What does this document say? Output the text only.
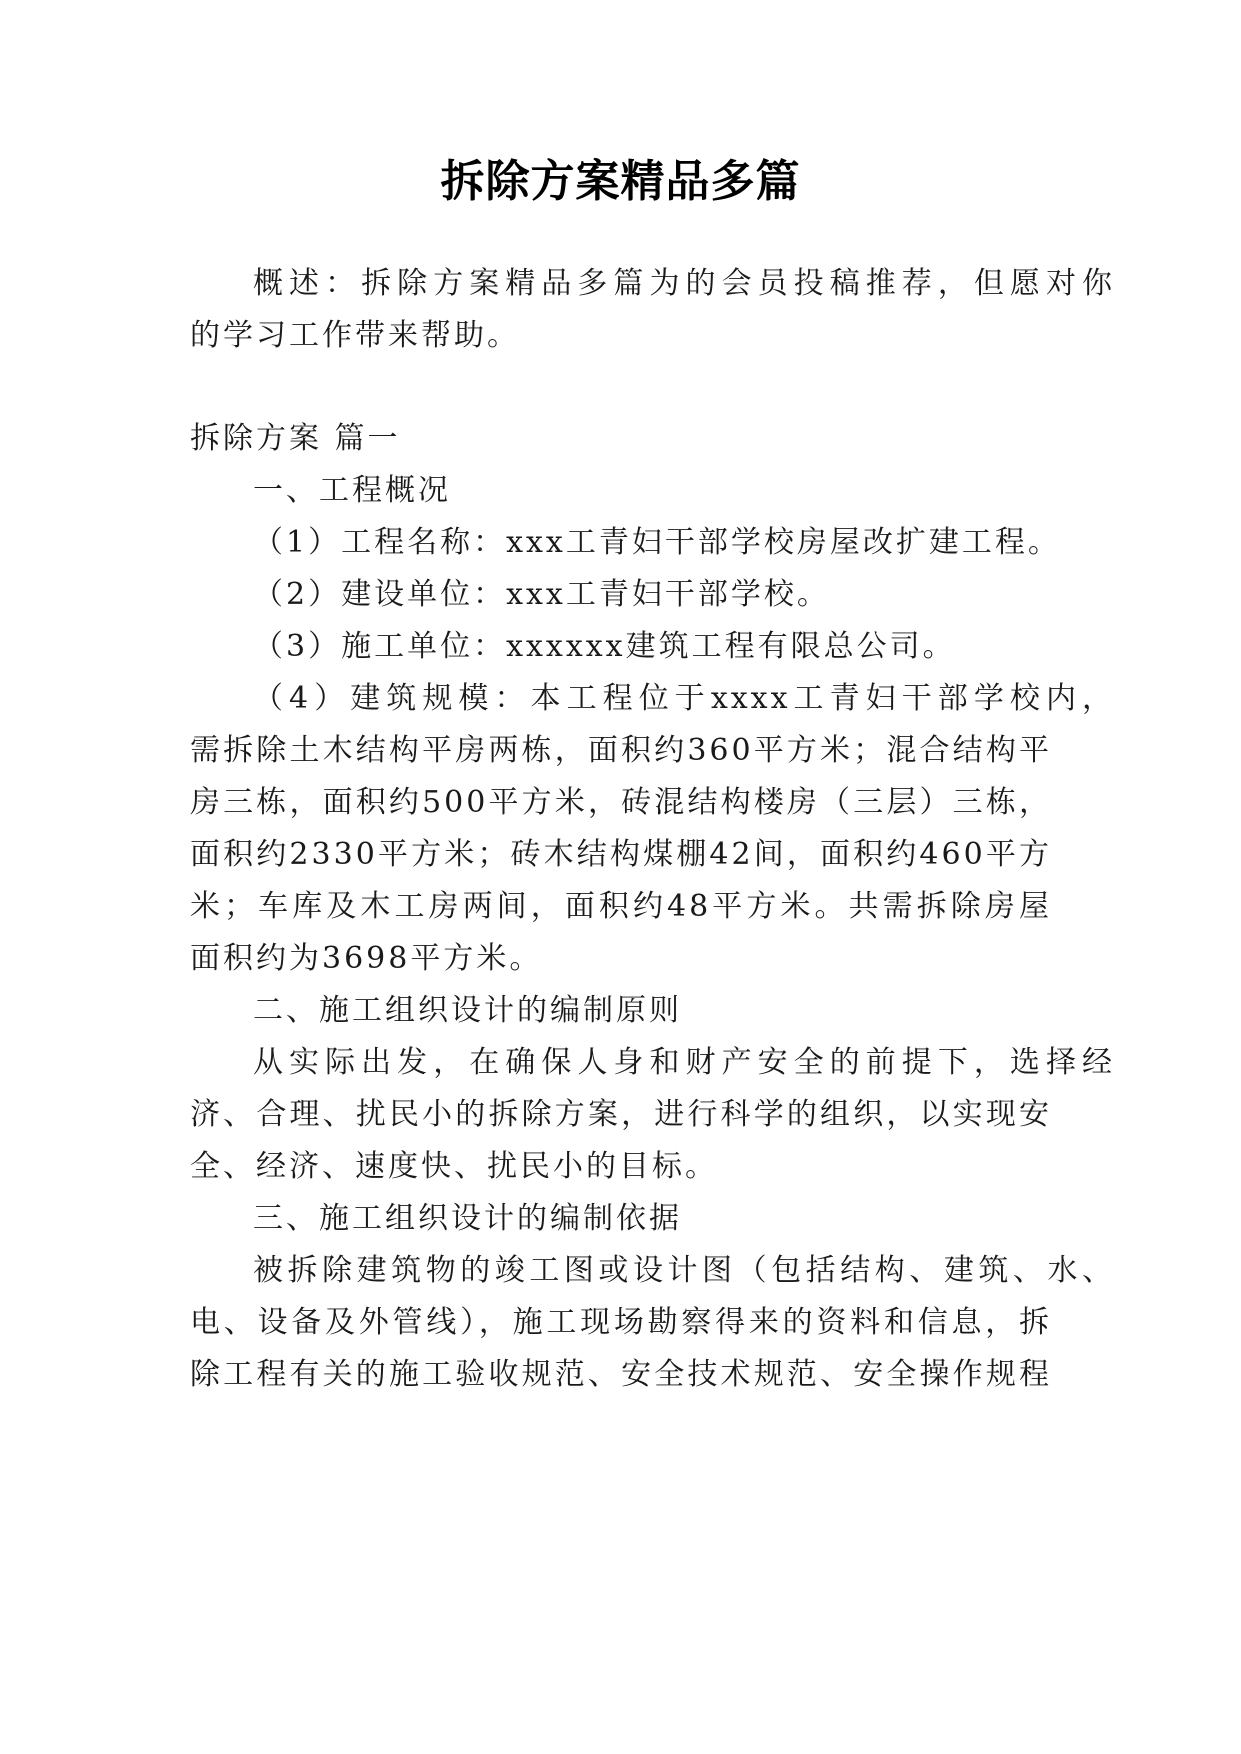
拆除方案精品多篇
概述：拆除方案精品多篇为的会员投稿推荐，但愿对你
的学习工作带来帮助。
拆除方案 篇一
一、工程概况
（1）工程名称：xxx工青妇干部学校房屋改扩建工程。
（2）建设单位：xxx工青妇干部学校。
（3）施工单位：xxxxxx建筑工程有限总公司。
（4）建筑规模：本工程位于xxxx工青妇干部学校内，
需拆除土木结构平房两栋，面积约360平方米；混合结构平
房三栋，面积约500平方米，砖混结构楼房（三层）三栋，
面积约2330平方米；砖木结构煤棚42间，面积约460平方
米；车库及木工房两间，面积约48平方米。共需拆除房屋
面积约为3698平方米。
二、施工组织设计的编制原则
从实际出发，在确保人身和财产安全的前提下，选择经
济、合理、扰民小的拆除方案，进行科学的组织，以实现安
全、经济、速度快、扰民小的目标。
三、施工组织设计的编制依据
被拆除建筑物的竣工图或设计图（包括结构、建筑、水、
电、设备及外管线），施工现场勘察得来的资料和信息，拆
除工程有关的施工验收规范、安全技术规范、安全操作规程
